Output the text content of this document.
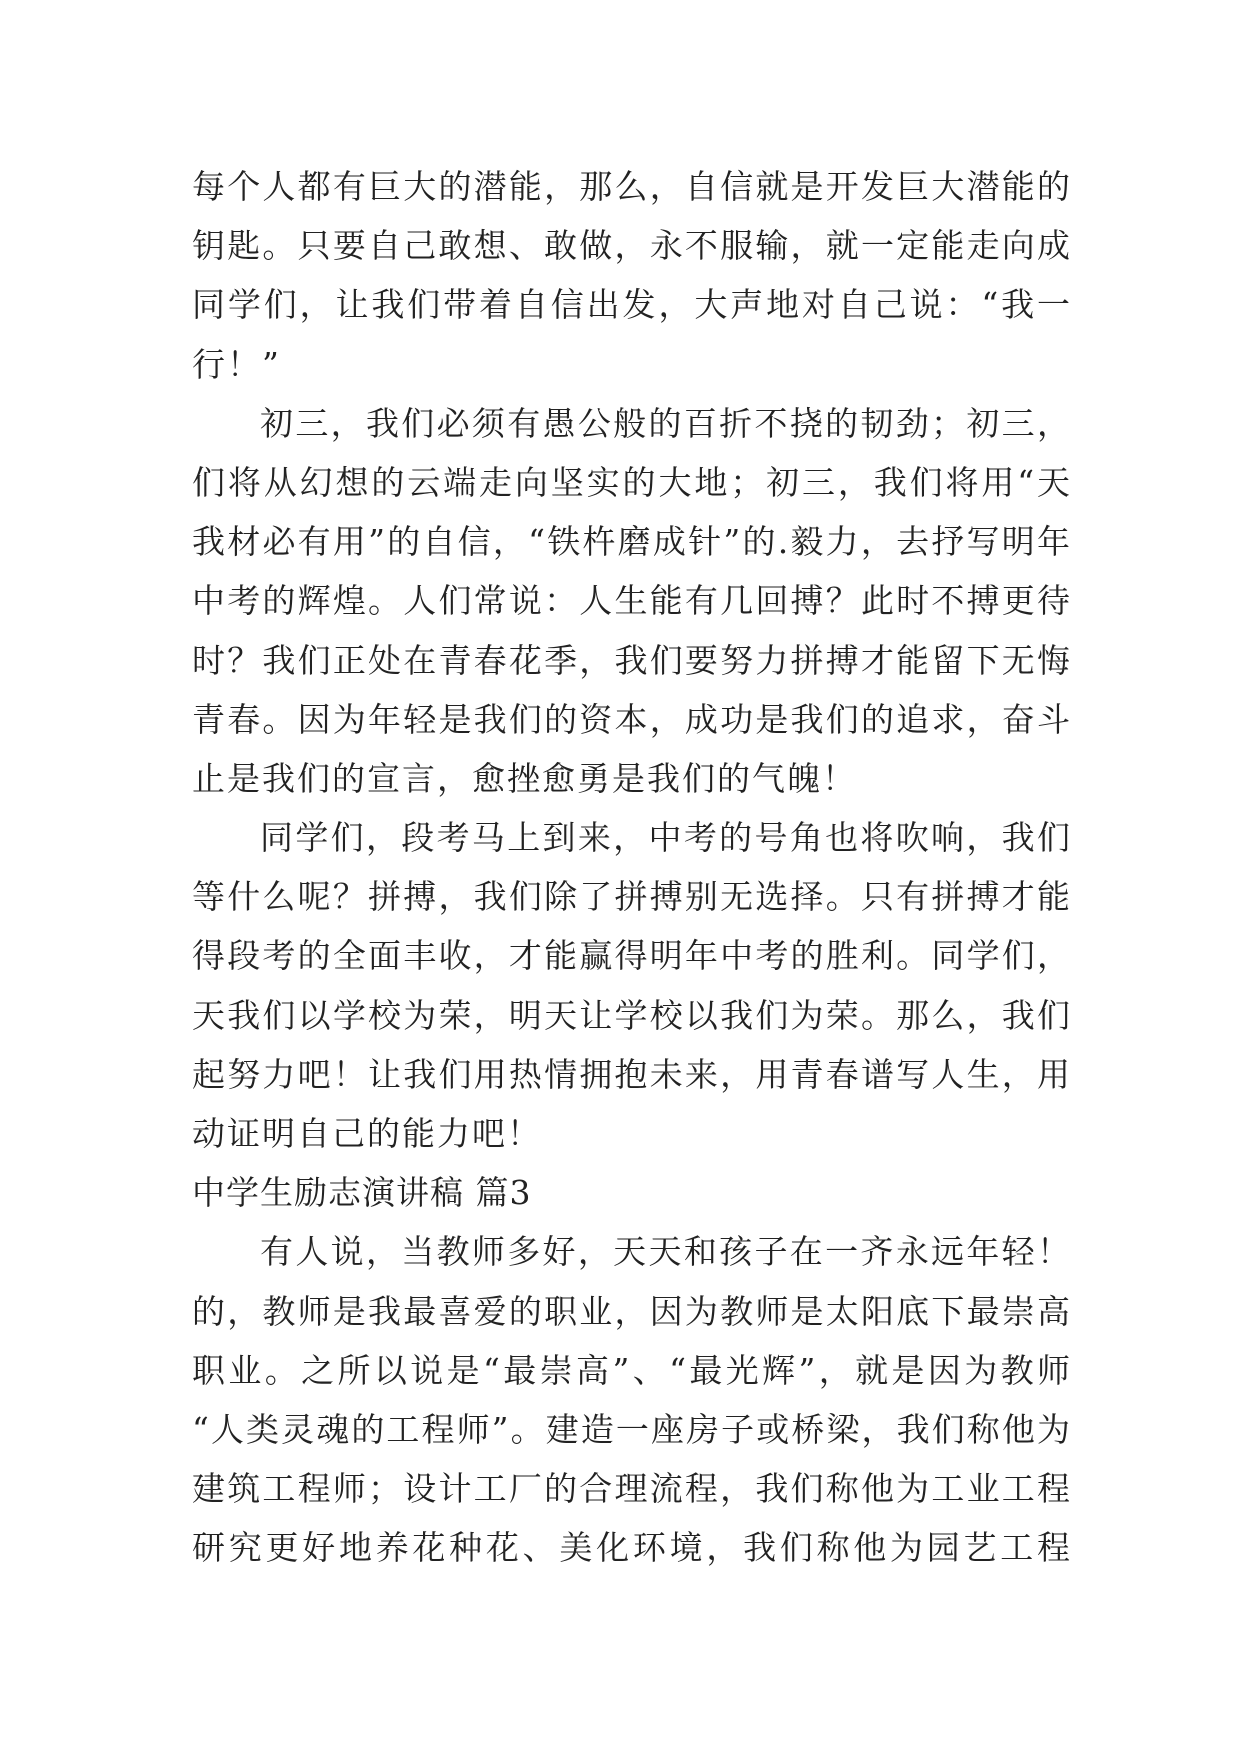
每个人都有巨大的潜能，那么，自信就是开发巨大潜能的
钥匙。只要自己敢想、敢做，永不服输，就一定能走向成
同学们，让我们带着自信出发，大声地对自己说：“我一
行！”
初三，我们必须有愚公般的百折不挠的韧劲；初三，
们将从幻想的云端走向坚实的大地；初三，我们将用“天
我材必有用”的自信，“铁杵磨成针”的.毅力，去抒写明年
中考的辉煌。人们常说：人生能有几回搏？此时不搏更待
时？我们正处在青春花季，我们要努力拼搏才能留下无悔
青春。因为年轻是我们的资本，成功是我们的追求，奋斗
止是我们的宣言，愈挫愈勇是我们的气魄！
同学们，段考马上到来，中考的号角也将吹响，我们
等什么呢？拼搏，我们除了拼搏别无选择。只有拼搏才能
得段考的全面丰收，才能赢得明年中考的胜利。同学们，
天我们以学校为荣，明天让学校以我们为荣。那么，我们
起努力吧！让我们用热情拥抱未来，用青春谱写人生，用
动证明自己的能力吧！
中学生励志演讲稿 篇3
有人说，当教师多好，天天和孩子在一齐永远年轻！
的，教师是我最喜爱的职业，因为教师是太阳底下最崇高
职业。之所以说是“最崇高”、“最光辉”，就是因为教师
“人类灵魂的工程师”。建造一座房子或桥梁，我们称他为
建筑工程师；设计工厂的合理流程，我们称他为工业工程
研究更好地养花种花、美化环境，我们称他为园艺工程
